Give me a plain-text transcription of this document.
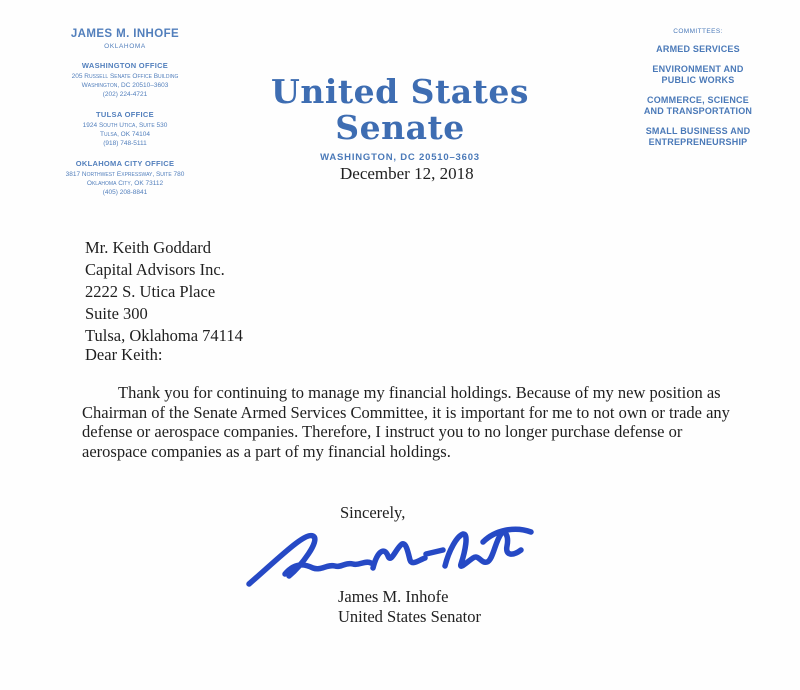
JAMES M. INHOFE
OKLAHOMA
WASHINGTON OFFICE
205 Russell Senate Office Building
Washington, DC 20510–3603
(202) 224-4721
TULSA OFFICE
1924 South Utica, Suite 530
Tulsa, OK 74104
(918) 748-5111
OKLAHOMA CITY OFFICE
3817 Northwest Expressway, Suite 780
Oklahoma City, OK 73112
(405) 208-8841
United States Senate
WASHINGTON, DC 20510–3603
COMMITTEES:
ARMED SERVICES
ENVIRONMENT AND PUBLIC WORKS
COMMERCE, SCIENCE AND TRANSPORTATION
SMALL BUSINESS AND ENTREPRENEURSHIP
December 12, 2018
Mr. Keith Goddard
Capital Advisors Inc.
2222 S. Utica Place
Suite 300
Tulsa, Oklahoma 74114
Dear Keith:
Thank you for continuing to manage my financial holdings. Because of my new position as Chairman of the Senate Armed Services Committee, it is important for me to not own or trade any defense or aerospace companies. Therefore, I instruct you to no longer purchase defense or aerospace companies as a part of my financial holdings.
Sincerely,
James M. Inhofe
United States Senator
